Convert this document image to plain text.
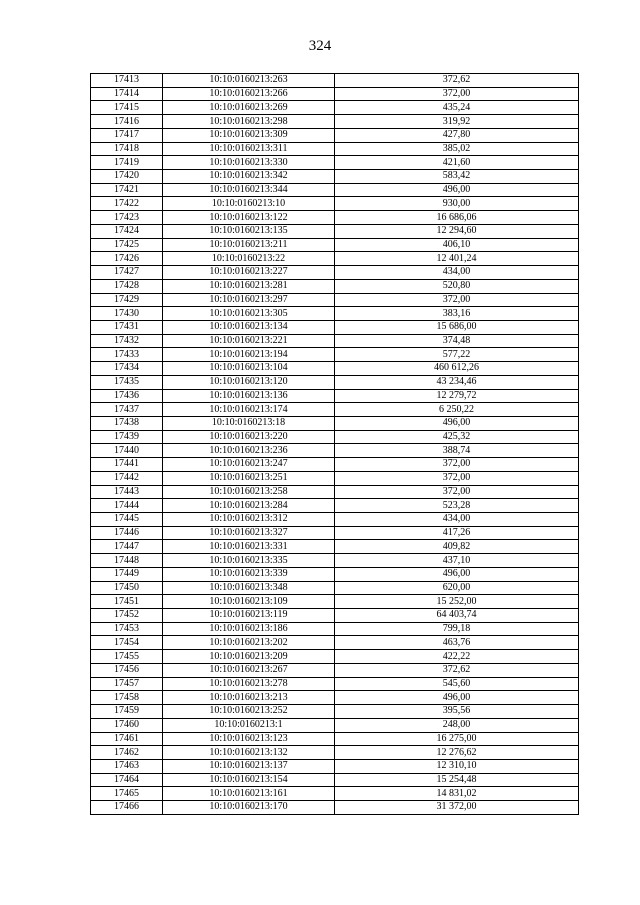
324
17413	10:10:0160213:263	372,62
17414	10:10:0160213:266	372,00
17415	10:10:0160213:269	435,24
17416	10:10:0160213:298	319,92
17417	10:10:0160213:309	427,80
17418	10:10:0160213:311	385,02
17419	10:10:0160213:330	421,60
17420	10:10:0160213:342	583,42
17421	10:10:0160213:344	496,00
17422	10:10:0160213:10	930,00
17423	10:10:0160213:122	16 686,06
17424	10:10:0160213:135	12 294,60
17425	10:10:0160213:211	406,10
17426	10:10:0160213:22	12 401,24
17427	10:10:0160213:227	434,00
17428	10:10:0160213:281	520,80
17429	10:10:0160213:297	372,00
17430	10:10:0160213:305	383,16
17431	10:10:0160213:134	15 686,00
17432	10:10:0160213:221	374,48
17433	10:10:0160213:194	577,22
17434	10:10:0160213:104	460 612,26
17435	10:10:0160213:120	43 234,46
17436	10:10:0160213:136	12 279,72
17437	10:10:0160213:174	6 250,22
17438	10:10:0160213:18	496,00
17439	10:10:0160213:220	425,32
17440	10:10:0160213:236	388,74
17441	10:10:0160213:247	372,00
17442	10:10:0160213:251	372,00
17443	10:10:0160213:258	372,00
17444	10:10:0160213:284	523,28
17445	10:10:0160213:312	434,00
17446	10:10:0160213:327	417,26
17447	10:10:0160213:331	409,82
17448	10:10:0160213:335	437,10
17449	10:10:0160213:339	496,00
17450	10:10:0160213:348	620,00
17451	10:10:0160213:109	15 252,00
17452	10:10:0160213:119	64 403,74
17453	10:10:0160213:186	799,18
17454	10:10:0160213:202	463,76
17455	10:10:0160213:209	422,22
17456	10:10:0160213:267	372,62
17457	10:10:0160213:278	545,60
17458	10:10:0160213:213	496,00
17459	10:10:0160213:252	395,56
17460	10:10:0160213:1	248,00
17461	10:10:0160213:123	16 275,00
17462	10:10:0160213:132	12 276,62
17463	10:10:0160213:137	12 310,10
17464	10:10:0160213:154	15 254,48
17465	10:10:0160213:161	14 831,02
17466	10:10:0160213:170	31 372,00
